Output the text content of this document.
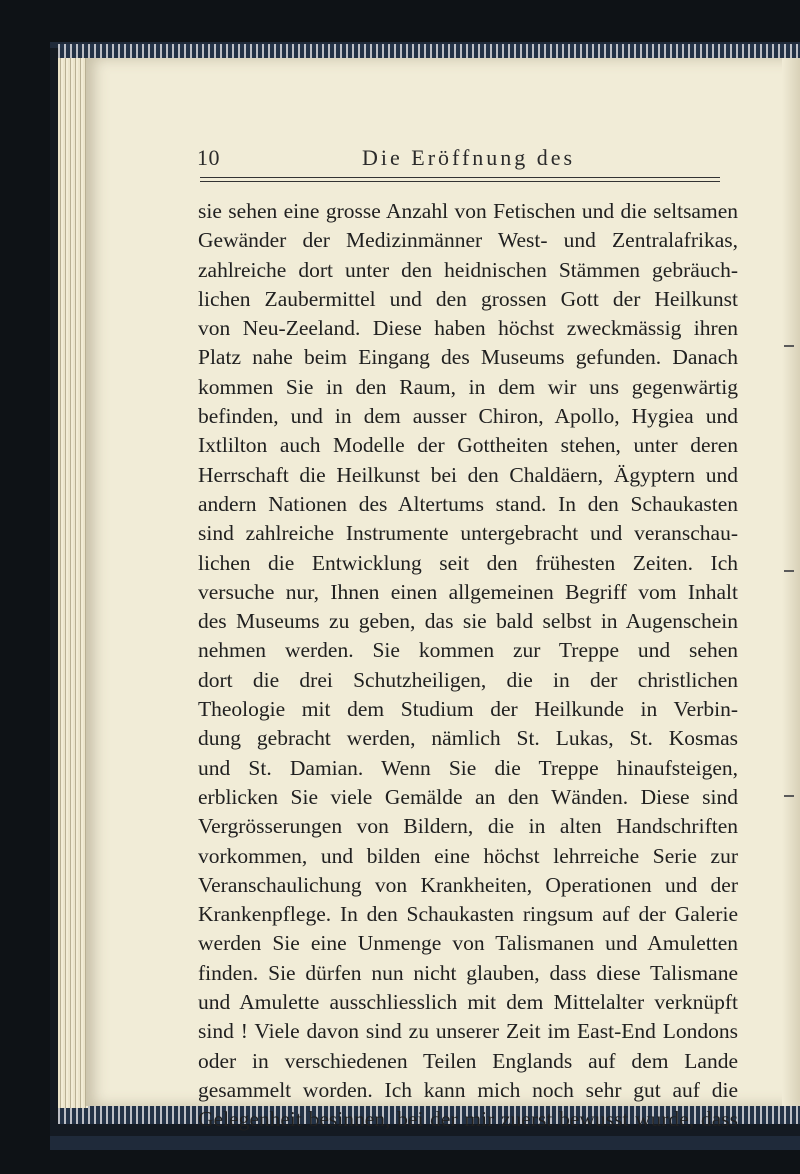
10	Die Eröffnung des
sie sehen eine grosse Anzahl von Fetischen und die seltsamen
Gewänder der Medizinmänner West- und Zentralafrikas,
zahlreiche dort unter den heidnischen Stämmen gebräuch-
lichen Zaubermittel und den grossen Gott der Heilkunst
von Neu-Zeeland. Diese haben höchst zweckmässig ihren
Platz nahe beim Eingang des Museums gefunden. Danach
kommen Sie in den Raum, in dem wir uns gegenwärtig
befinden, und in dem ausser Chiron, Apollo, Hygiea und
Ixtlilton auch Modelle der Gottheiten stehen, unter deren
Herrschaft die Heilkunst bei den Chaldäern, Ägyptern und
andern Nationen des Altertums stand. In den Schaukasten
sind zahlreiche Instrumente untergebracht und veranschau-
lichen die Entwicklung seit den frühesten Zeiten. Ich
versuche nur, Ihnen einen allgemeinen Begriff vom Inhalt
des Museums zu geben, das sie bald selbst in Augenschein
nehmen werden. Sie kommen zur Treppe und sehen
dort die drei Schutzheiligen, die in der christlichen
Theologie mit dem Studium der Heilkunde in Verbin-
dung gebracht werden, nämlich St. Lukas, St. Kosmas
und St. Damian. Wenn Sie die Treppe hinaufsteigen,
erblicken Sie viele Gemälde an den Wänden. Diese sind
Vergrösserungen von Bildern, die in alten Handschriften
vorkommen, und bilden eine höchst lehrreiche Serie zur
Veranschaulichung von Krankheiten, Operationen und der
Krankenpflege. In den Schaukasten ringsum auf der Galerie
werden Sie eine Unmenge von Talismanen und Amuletten
finden. Sie dürfen nun nicht glauben, dass diese Talismane
und Amulette ausschliesslich mit dem Mittelalter verknüpft
sind ! Viele davon sind zu unserer Zeit im East-End Londons
oder in verschiedenen Teilen Englands auf dem Lande
gesammelt worden. Ich kann mich noch sehr gut auf die
Gelegenheit besinnen, bei der mir zuerst bewusst wurde, dass
